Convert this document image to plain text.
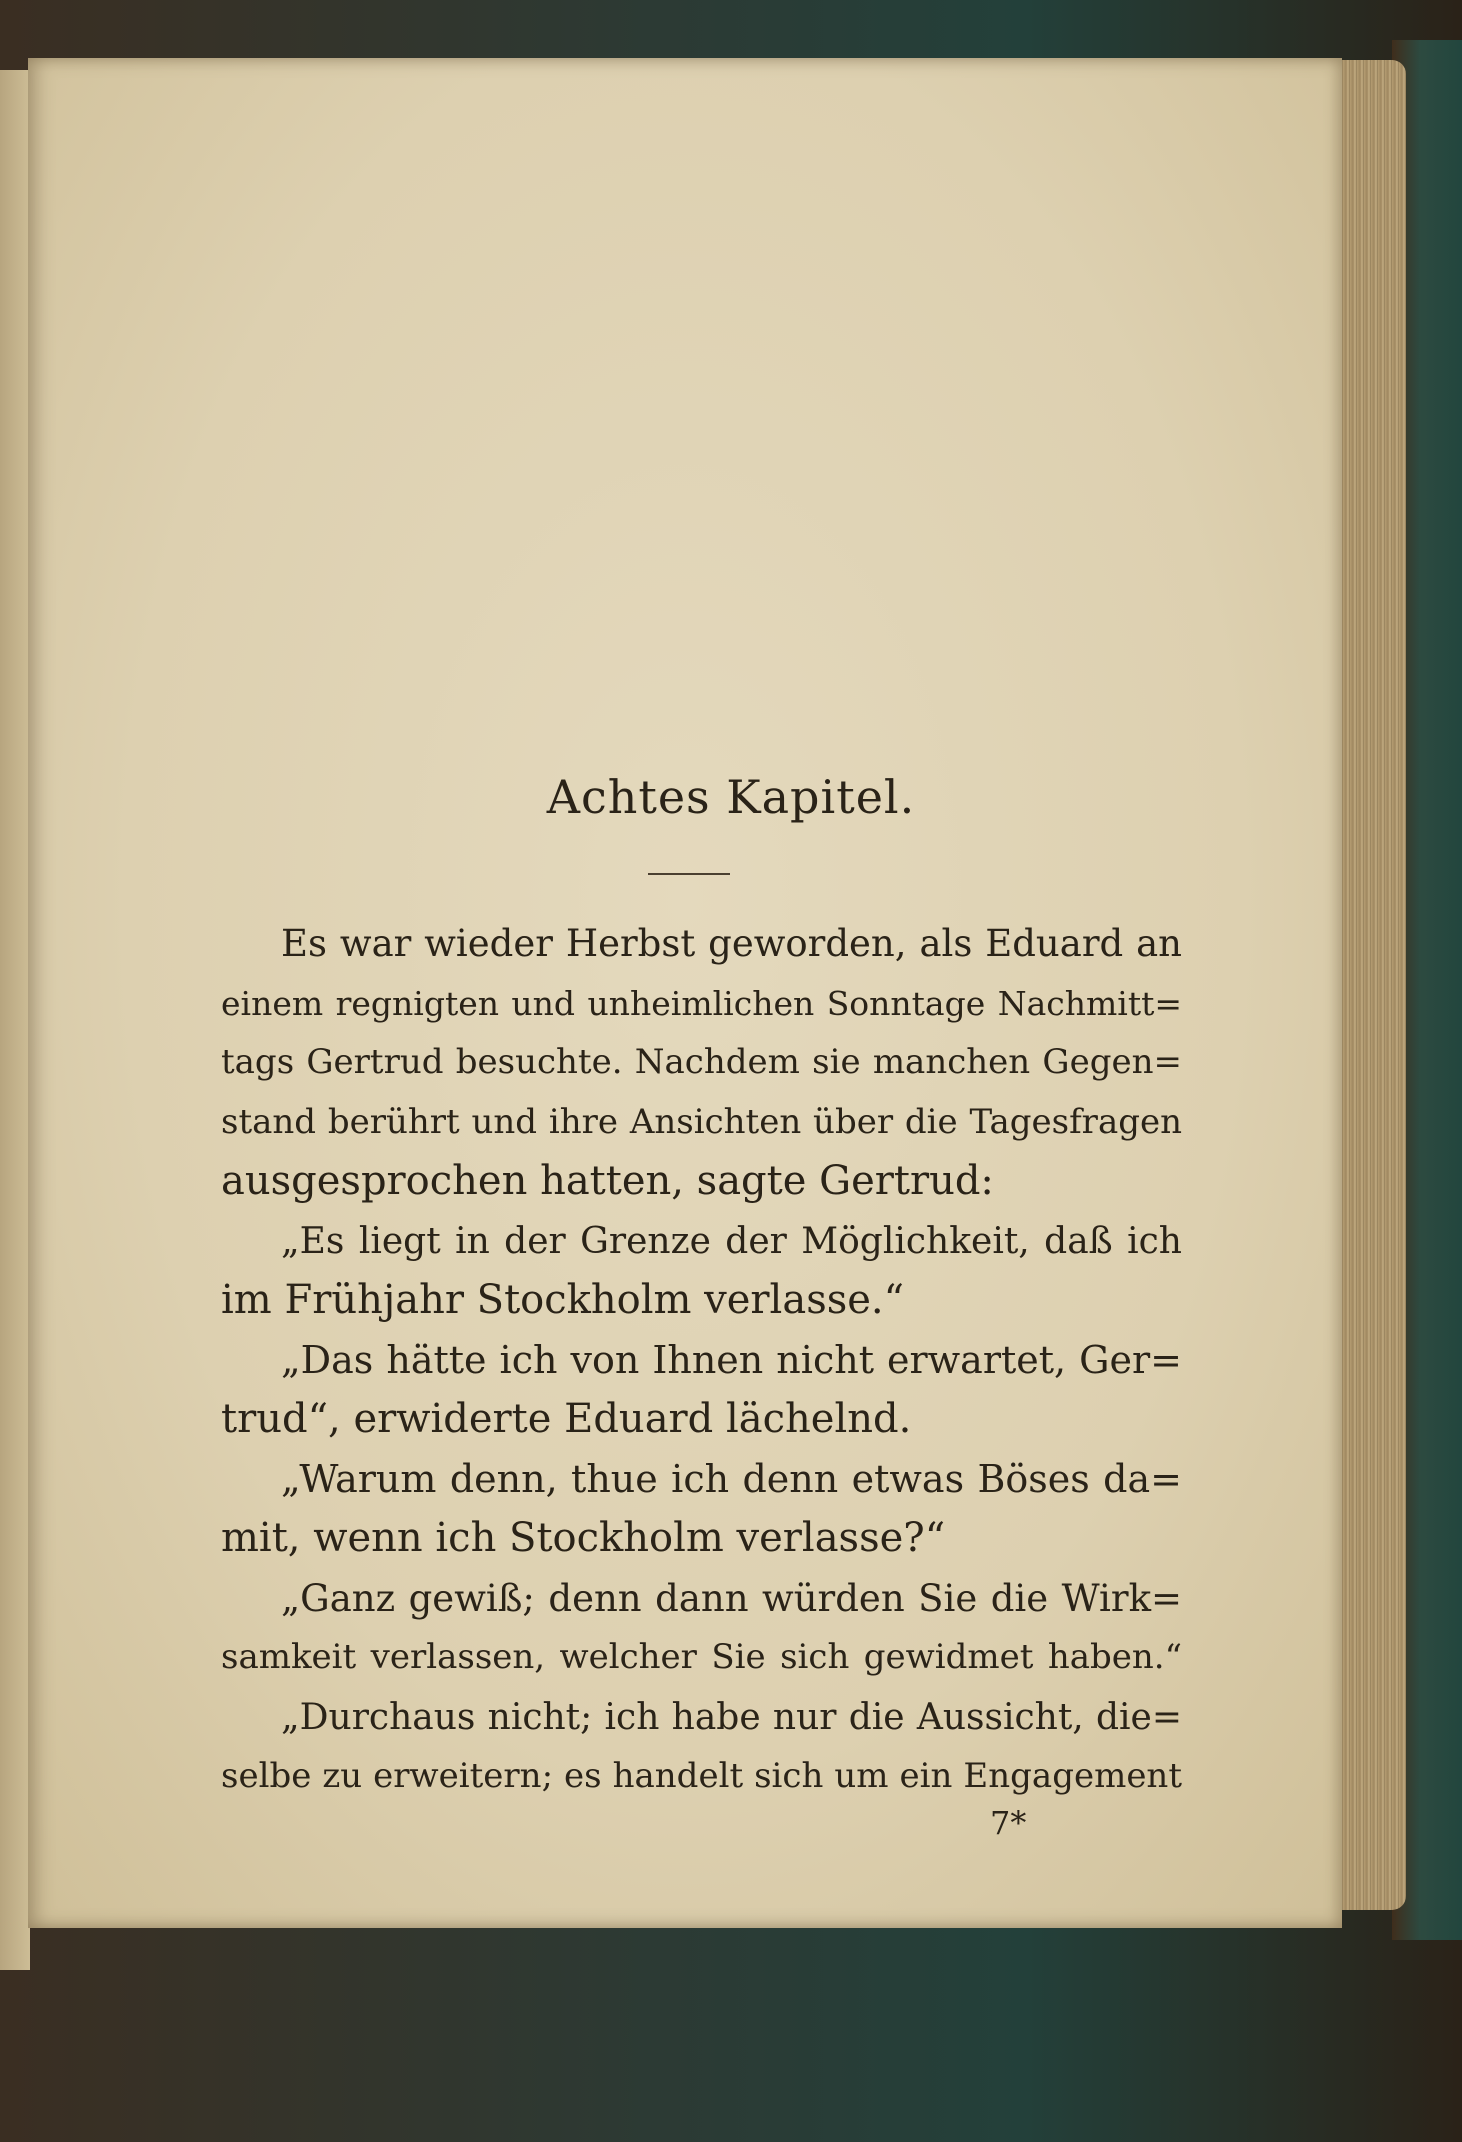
Achtes Kapitel.
Es war wieder Herbst geworden, als Eduard an
einem regnigten und unheimlichen Sonntage Nachmitt=
tags Gertrud besuchte. Nachdem sie manchen Gegen=
stand berührt und ihre Ansichten über die Tagesfragen
ausgesprochen hatten, sagte Gertrud:
„Es liegt in der Grenze der Möglichkeit, daß ich
im Frühjahr Stockholm verlasse.“
„Das hätte ich von Ihnen nicht erwartet, Ger=
trud“, erwiderte Eduard lächelnd.
„Warum denn, thue ich denn etwas Böses da=
mit, wenn ich Stockholm verlasse?“
„Ganz gewiß; denn dann würden Sie die Wirk=
samkeit verlassen, welcher Sie sich gewidmet haben.“
„Durchaus nicht; ich habe nur die Aussicht, die=
selbe zu erweitern; es handelt sich um ein Engagement
7*
